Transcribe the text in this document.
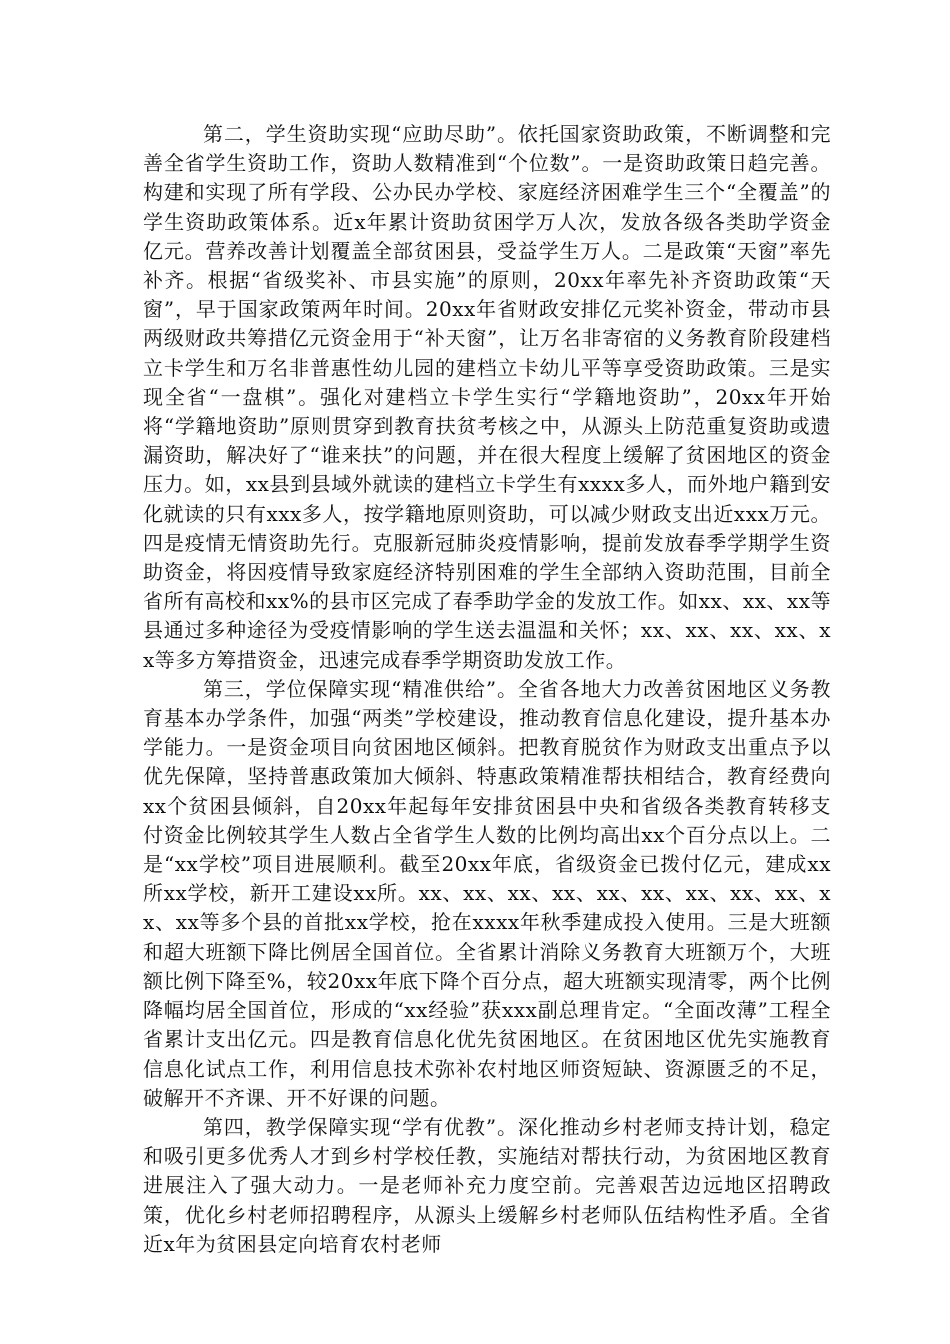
第二，学生资助实现“应助尽助”。依托国家资助政策，不断调整和完善全省学生资助工作，资助人数精准到“个位数”。一是资助政策日趋完善。构建和实现了所有学段、公办民办学校、家庭经济困难学生三个“全覆盖”的学生资助政策体系。近x年累计资助贫困学万人次，发放各级各类助学资金亿元。营养改善计划覆盖全部贫困县，受益学生万人。二是政策“天窗”率先补齐。根据“省级奖补、市县实施”的原则，20xx年率先补齐资助政策“天窗”，早于国家政策两年时间。20xx年省财政安排亿元奖补资金，带动市县两级财政共筹措亿元资金用于“补天窗”，让万名非寄宿的义务教育阶段建档立卡学生和万名非普惠性幼儿园的建档立卡幼儿平等享受资助政策。三是实现全省“一盘棋”。强化对建档立卡学生实行“学籍地资助”，20xx年开始将“学籍地资助”原则贯穿到教育扶贫考核之中，从源头上防范重复资助或遗漏资助，解决好了“谁来扶”的问题，并在很大程度上缓解了贫困地区的资金压力。如，xx县到县域外就读的建档立卡学生有xxxx多人，而外地户籍到安化就读的只有xxx多人，按学籍地原则资助，可以减少财政支出近xxx万元。四是疫情无情资助先行。克服新冠肺炎疫情影响，提前发放春季学期学生资助资金，将因疫情导致家庭经济特别困难的学生全部纳入资助范围，目前全省所有高校和xx%的县市区完成了春季助学金的发放工作。如xx、xx、xx等县通过多种途径为受疫情影响的学生送去温温和关怀；xx、xx、xx、xx、xx等多方筹措资金，迅速完成春季学期资助发放工作。

第三，学位保障实现“精准供给”。全省各地大力改善贫困地区义务教育基本办学条件，加强“两类”学校建设，推动教育信息化建设，提升基本办学能力。一是资金项目向贫困地区倾斜。把教育脱贫作为财政支出重点予以优先保障，坚持普惠政策加大倾斜、特惠政策精准帮扶相结合，教育经费向xx个贫困县倾斜，自20xx年起每年安排贫困县中央和省级各类教育转移支付资金比例较其学生人数占全省学生人数的比例均高出xx个百分点以上。二是“xx学校”项目进展顺利。截至20xx年底，省级资金已拨付亿元，建成xx所xx学校，新开工建设xx所。xx、xx、xx、xx、xx、xx、xx、xx、xx、xx、xx等多个县的首批xx学校，抢在xxxx年秋季建成投入使用。三是大班额和超大班额下降比例居全国首位。全省累计消除义务教育大班额万个，大班额比例下降至%，较20xx年底下降个百分点，超大班额实现清零，两个比例降幅均居全国首位，形成的“xx经验”获xxx副总理肯定。“全面改薄”工程全省累计支出亿元。四是教育信息化优先贫困地区。在贫困地区优先实施教育信息化试点工作，利用信息技术弥补农村地区师资短缺、资源匮乏的不足，破解开不齐课、开不好课的问题。

第四，教学保障实现“学有优教”。深化推动乡村老师支持计划，稳定和吸引更多优秀人才到乡村学校任教，实施结对帮扶行动，为贫困地区教育进展注入了强大动力。一是老师补充力度空前。完善艰苦边远地区招聘政策，优化乡村老师招聘程序，从源头上缓解乡村老师队伍结构性矛盾。全省近x年为贫困县定向培育农村老师
